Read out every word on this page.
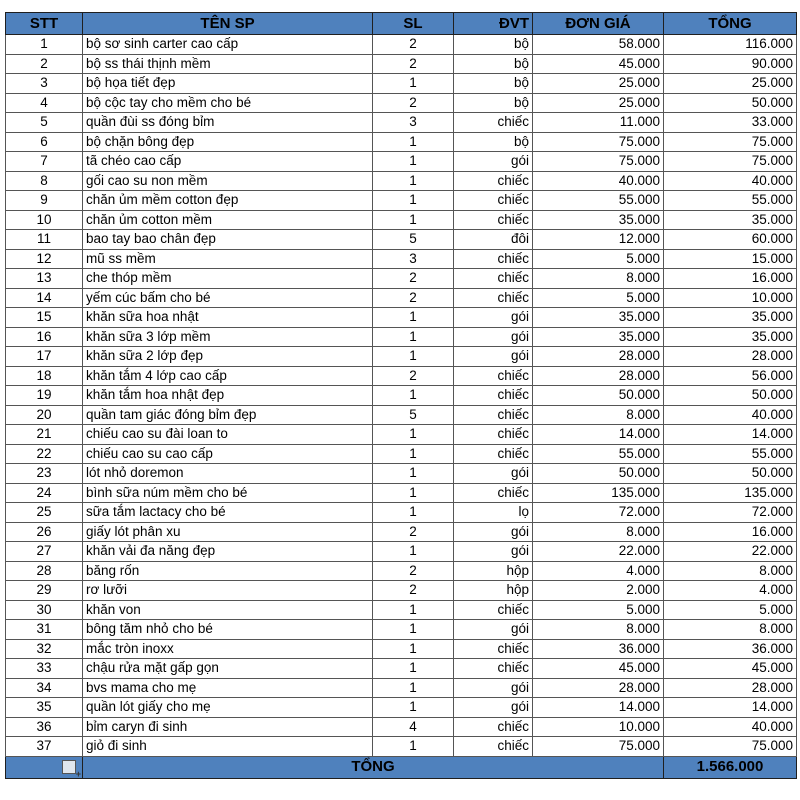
STT	TÊN SP	SL	ĐVT	ĐƠN GIÁ	TỔNG
1	bộ sơ sinh carter cao cấp	2	bộ	58.000	116.000
2	bộ ss thái thịnh mềm	2	bộ	45.000	90.000
3	bộ họa tiết đẹp	1	bộ	25.000	25.000
4	bộ cộc tay cho mềm cho bé	2	bộ	25.000	50.000
5	quần đùi ss đóng bỉm	3	chiếc	11.000	33.000
6	bộ chặn bông đẹp	1	bộ	75.000	75.000
7	tã chéo cao cấp	1	gói	75.000	75.000
8	gối cao su non mềm	1	chiếc	40.000	40.000
9	chăn ủm mềm cotton đẹp	1	chiếc	55.000	55.000
10	chăn ủm cotton mềm	1	chiếc	35.000	35.000
11	bao tay bao chân đẹp	5	đôi	12.000	60.000
12	mũ ss mềm	3	chiếc	5.000	15.000
13	che thóp mềm	2	chiếc	8.000	16.000
14	yếm cúc bấm cho bé	2	chiếc	5.000	10.000
15	khăn sữa hoa nhật	1	gói	35.000	35.000
16	khăn sữa 3 lớp mềm	1	gói	35.000	35.000
17	khăn sữa 2 lớp đẹp	1	gói	28.000	28.000
18	khăn tắm 4 lớp cao cấp	2	chiếc	28.000	56.000
19	khăn tắm hoa nhật đẹp	1	chiếc	50.000	50.000
20	quần tam giác đóng bỉm đẹp	5	chiếc	8.000	40.000
21	chiếu cao su đài loan to	1	chiếc	14.000	14.000
22	chiếu cao su cao cấp	1	chiếc	55.000	55.000
23	lót nhỏ doremon	1	gói	50.000	50.000
24	bình sữa núm mềm cho bé	1	chiếc	135.000	135.000
25	sữa tắm lactacy cho bé	1	lọ	72.000	72.000
26	giấy lót phân xu	2	gói	8.000	16.000
27	khăn vải đa năng đẹp	1	gói	22.000	22.000
28	băng rốn	2	hộp	4.000	8.000
29	rơ lưỡi	2	hộp	2.000	4.000
30	khăn von	1	chiếc	5.000	5.000
31	bông tăm nhỏ cho bé	1	gói	8.000	8.000
32	mắc tròn inoxx	1	chiếc	36.000	36.000
33	chậu rửa mặt gấp gọn	1	chiếc	45.000	45.000
34	bvs mama cho mẹ	1	gói	28.000	28.000
35	quần lót giấy cho mẹ	1	gói	14.000	14.000
36	bỉm caryn đi sinh	4	chiếc	10.000	40.000
37	giỏ đi sinh	1	chiếc	75.000	75.000
+	TỔNG				1.566.000
